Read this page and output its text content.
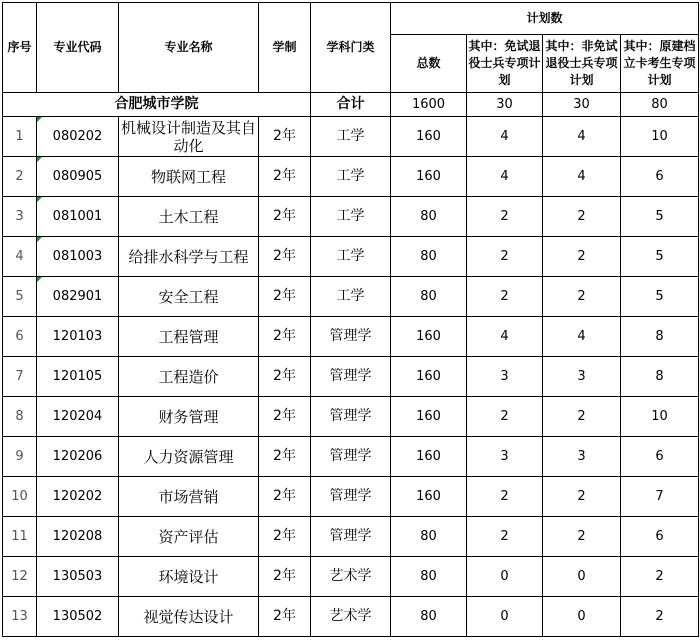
序号	专业代码	专业名称	学制	学科门类	计划数			
					总数	其中：免试退役士兵专项计划	其中：非免试退役士兵专项计划	其中：原建档立卡考生专项计划
合肥城市学院				合计	1600	30	30	80
1	080202	机械设计制造及其自动化	2年	工学	160	4	4	10
2	080905	物联网工程	2年	工学	160	4	4	6
3	081001	土木工程	2年	工学	80	2	2	5
4	081003	给排水科学与工程	2年	工学	80	2	2	5
5	082901	安全工程	2年	工学	80	2	2	5
6	120103	工程管理	2年	管理学	160	4	4	8
7	120105	工程造价	2年	管理学	160	3	3	8
8	120204	财务管理	2年	管理学	160	2	2	10
9	120206	人力资源管理	2年	管理学	160	3	3	6
10	120202	市场营销	2年	管理学	160	2	2	7
11	120208	资产评估	2年	管理学	80	2	2	6
12	130503	环境设计	2年	艺术学	80	0	0	2
13	130502	视觉传达设计	2年	艺术学	80	0	0	2
